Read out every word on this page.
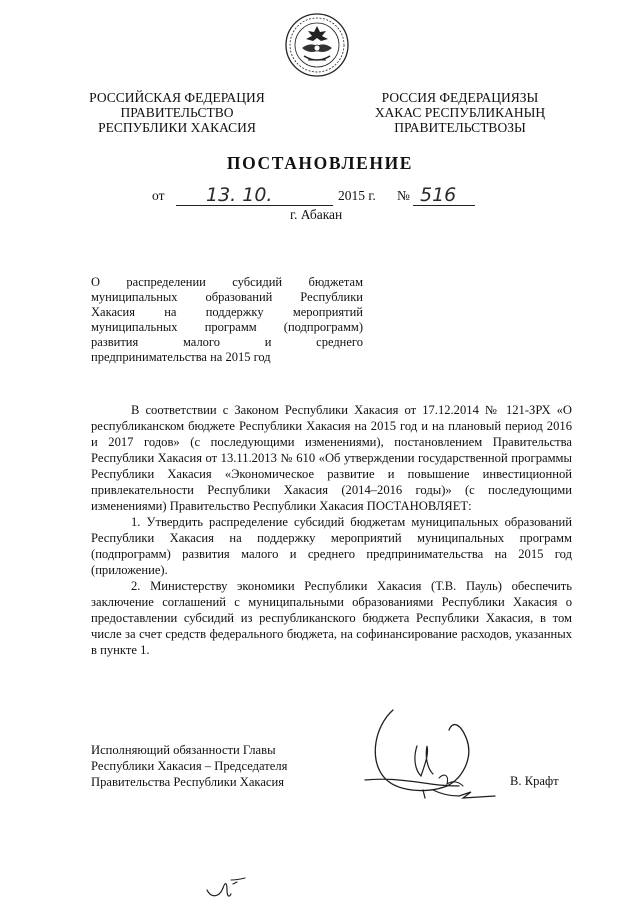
РОССИЙСКАЯ ФЕДЕРАЦИЯ
ПРАВИТЕЛЬСТВО
РЕСПУБЛИКИ ХАКАСИЯ
РОССИЯ ФЕДЕРАЦИЯЗЫ
ХАКАС РЕСПУБЛИКАНЫҢ
ПРАВИТЕЛЬСТВОЗЫ
ПОСТАНОВЛЕНИЕ
от 13. 10.	2015 г. № 516
г. Абакан
О распределении субсидий бюджетам
муниципальных образований Республики
Хакасия на поддержку мероприятий
муниципальных программ (подпрограмм)
развития малого и среднего
предпринимательства на 2015 год

В соответствии с Законом Республики Хакасия от 17.12.2014 № 121-ЗРХ «О республиканском бюджете Республики Хакасия на 2015 год и на плановый период 2016 и 2017 годов» (с последующими изменениями), постановлением Правительства Республики Хакасия от 13.11.2013 № 610 «Об утверждении государственной программы Республики Хакасия «Экономическое развитие и повышение инвестиционной привлекательности Республики Хакасия (2014–2016 годы)» (с последующими изменениями) Правительство Республики Хакасия ПОСТАНОВЛЯЕТ:

1. Утвердить распределение субсидий бюджетам муниципальных образований Республики Хакасия на поддержку мероприятий муниципальных программ (подпрограмм) развития малого и среднего предпринимательства на 2015 год (приложение).

2. Министерству экономики Республики Хакасия (Т.В. Пауль) обеспечить заключение соглашений с муниципальными образованиями Республики Хакасия о предоставлении субсидий из республиканского бюджета Республики Хакасия, в том числе за счет средств федерального бюджета, на софинансирование расходов, указанных в пункте 1.

Исполняющий обязанности Главы
Республики Хакасия – Председателя
Правительства Республики Хакасия	В. Крафт
